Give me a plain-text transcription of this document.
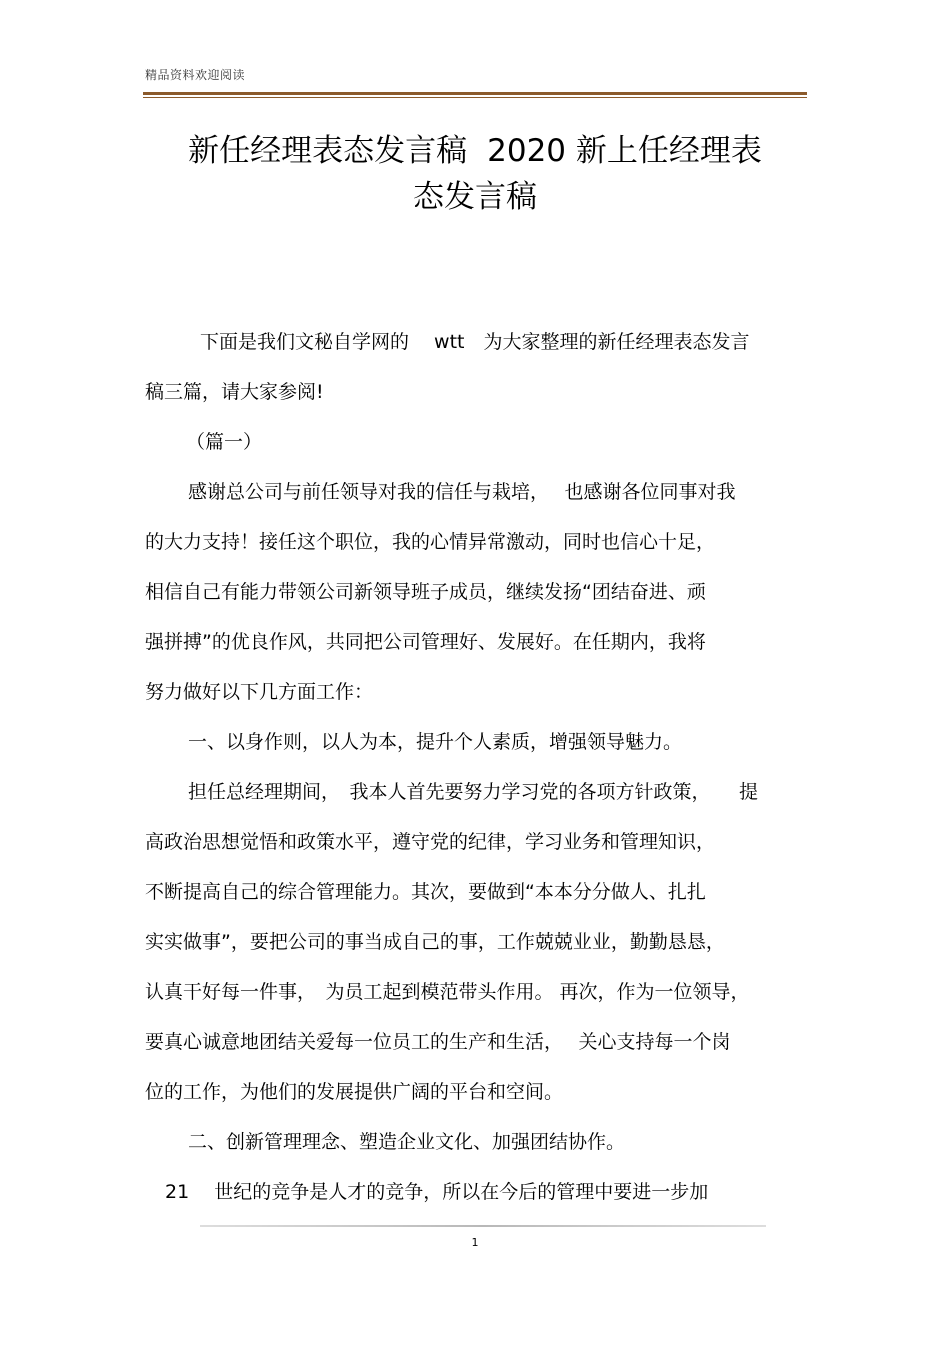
精品资料欢迎阅读
新任经理表态发言稿 2020 新上任经理表
态发言稿
下面是我们文秘自学网的　 wtt　为大家整理的新任经理表态发言
稿三篇，请大家参阅!
（篇一）
感谢总公司与前任领导对我的信任与栽培，　 也感谢各位同事对我
的大力支持！接任这个职位，我的心情异常激动，同时也信心十足，
相信自己有能力带领公司新领导班子成员，继续发扬“团结奋进、顽
强拼搏”的优良作风，共同把公司管理好、发展好。在任期内，我将
努力做好以下几方面工作：
一、以身作则，以人为本，提升个人素质，增强领导魅力。
担任总经理期间，　我本人首先要努力学习党的各项方针政策，　　提
高政治思想觉悟和政策水平，遵守党的纪律，学习业务和管理知识，
不断提高自己的综合管理能力。其次，要做到“本本分分做人、扎扎
实实做事”，要把公司的事当成自己的事，工作兢兢业业，勤勤恳恳，
认真干好每一件事，　为员工起到模范带头作用。 再次，作为一位领导，
要真心诚意地团结关爱每一位员工的生产和生活，　 关心支持每一个岗
位的工作，为他们的发展提供广阔的平台和空间。
二、创新管理理念、塑造企业文化、加强团结协作。
21　 世纪的竞争是人才的竞争，所以在今后的管理中要进一步加
1
